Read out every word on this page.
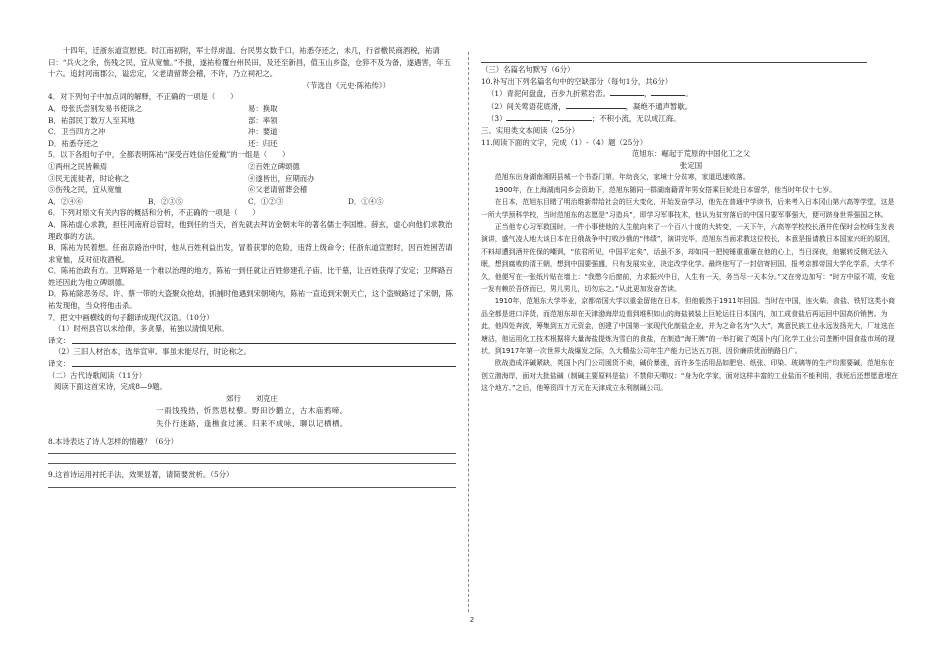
十四年，迁浙东道宣慰使。时江南初附，军士俘虏温、台民男女数千口，祐悉夺还之，未几，行省檄民商酒税，祐请曰：“兵火之余，伤残之民，宜从宽恤。”不报，遂祐检覆台州民田，及还至新昌，值玉山乡盗，仓猝不及为备，遂遇害，年五十六。追封河南郡公，谥忠定，父老请留葬会稽，不许，乃立祠祀之。

（节选自《元史·陈祐传》）

4．对下列句子中加点词的解释，不正确的一项是（　　）

A．母张氏尝别发易书使读之	易：换取
B．祐部民丁数万人至其地	部：率领
C．卫当四方之冲	冲：要道
D．祐悉夺还之	还：归还

5．以下各组句子中，全都表明陈祐“深受百姓信任爱戴”的一组是（　　）

①两州之民皆赖焉	②百姓立碑颂德
③民无流徙者，时论称之	④遂皆出，应期而办
⑤伤残之民，宜从宽恤	⑥父老请留葬会稽
A．②④⑥	B．②③⑤	C．①②③	D．①④⑤

6．下列对原文有关内容的概括和分析，不正确的一项是（　　）

A．陈祐虚心求教，担任河南府总管时，他到任的当天，首先就去拜访金朝末年的著名儒士李国维、薛玄，虚心向他们求教治理政事的方法。

B．陈祐为民着想。任南京路治中时，他从百姓利益出发，冒着获罪的危险，违背上级命令；任浙东道宣慰时，因百姓困苦请求宽恤，反对征收酒税。

C．陈祐治政有方。卫辉路是一个难以治理的地方，陈祐一到任就让百姓修建孔子庙、比干墓，让百姓获得了安定；卫辉路百姓还因此为他立碑颂德。

D．陈祐除恶务尽。许、蔡一带的大盗聚众抢劫，抓捕时他遇到宋朝境内，陈祐一直追到宋朝天亡，这个盗贼路过了宋朝，陈祐发现他，当众将他击杀。

7．把文中画横线的句子翻译成现代汉语。（10分）

（1）时州县官以未给俸，多贪暴，祐独以清慎见称。

译文：

（2）三旧人材治本，选举宣审。事虽未能尽行，时论称之。

译文：

（二）古代诗歌阅读（11分）

阅读下面这首宋诗，完成8—9题。

郊行　　 刘克庄

一雨饯残热，忻然思杖藜。野田沙鹳立，古木庙鸦啼。

失仆行迷路，逢樵食过溪。归来不成咏，聊以记栖栖。

8.本诗表达了诗人怎样的情趣？（6分）

9.这首诗运用衬托手法，效果显著，请简要赏析。（5分）

（三）名篇名句默写（6分）

10.补写出下列名篇名句中的空缺部分（每句1分，共6分）

（1）青泥何盘盘，百步九折萦岩峦。	，	。

（2）间关莺语花底滑，	，凝绝不通声暂歇。

（3）	，	；不积小流，无以成江海。

三、实用类文本阅读（25分）

11.阅读下面的文字，完成（1）-（4）题（25分）

范旭东：崛起于荒原的中国化工之父

张定国

范旭东出身湖南湘阴县城一个书香门第，年幼丧父，家境十分贫寒，家道迅速败落。

1900年，在上海湖南同乡会资助下，范旭东随同一群湖南籍青年男女搭乘巨轮赴日本留学，他当时年仅十七岁。

在日本，范旭东目睹了明治维新带给社会的巨大变化，开始发奋学习，他先在普通中学读书，后来考入日本冈山第六高等学堂，这是一所大学预科学校，当时范旭东的志愿是“习造兵”，即学习军事技术，他认为贫穷落后的中国只要军事强大，便可跻身世界强国之林。

正当他专心习军救国时，一件小事使他的人生航向来了一个百八十度的大转变，一天下午，六高等学校校长酒井佐保时会校师生发表演讲，盛气凌人地大谈日本在日俄战争中打败沙俄的“伟绩”，演讲完毕，范旭东当面求教这位校长，本意是报请教日本国家兴旺的原因，不料却遭到酒井佐保的嘲讽，“依君所见，中国平定矣”，话虽不多，却如同一把钝锤重重砸在他的心上，当日深夜，他辗转反侧无法入眠，想到腐败的清王朝，想到中国要强盛，只有发展实业，决定改学化学。最终他写了一封信寄回国，报考京都帝国大学化学系，大学不久，他便写在一张纸片贴在墙上：“我憋今后窗前，力求振兴中日，人生有一天，务当尽一天本分。”又在旁边加写：“时方中原不靖，安危一发有赖於吾侪而已，男儿男儿，切勿忘之。”从此更加发奋苦读。

1910年，范旭东大学毕业，京都帝国大学以重金留他在日本，但他毅然于1911年回国。当时在中国，连火柴、食盐、铁钉这类小商品全都是进口洋货，而范旭东却在天津渤海岸边看到堆积如山的海盐被装上巨轮运往日本国内，加工成食盐后再运回中国高价销售。为此，他四处奔波，筹集到五万元资金，创建了中国第一家现代化制盐企业，并为之命名为“久大”，寓意民族工业永远发扬光大，厂址选在塘沽，他运用化工技术根据将大量海盐提炼为雪白的食盐，在制造“海王牌”的一举打破了英国卜内门化学工业公司垄断中国食盐市场的现状，到1917年第一次世界大战爆发之际，久大精盐公司年生产能力已达五万担，因价廉质优而销路日广。

欧战造成洋碱紧缺，英国卜内门公司囤货不卖，碱价暴涨，而许多生活用品如肥皂、纸张、印染、玻璃等的生产均需要碱，范旭东在创立渤海岸，面对大批盐碱（制碱主要原料是盐）不禁仰天喟叹：“身为化学家，面对这样丰富的工业盐而不能利用，我死后还想愿意埋在这个地方。”之后，他筹资四十万元在天津成立永利制碱公司。

2
